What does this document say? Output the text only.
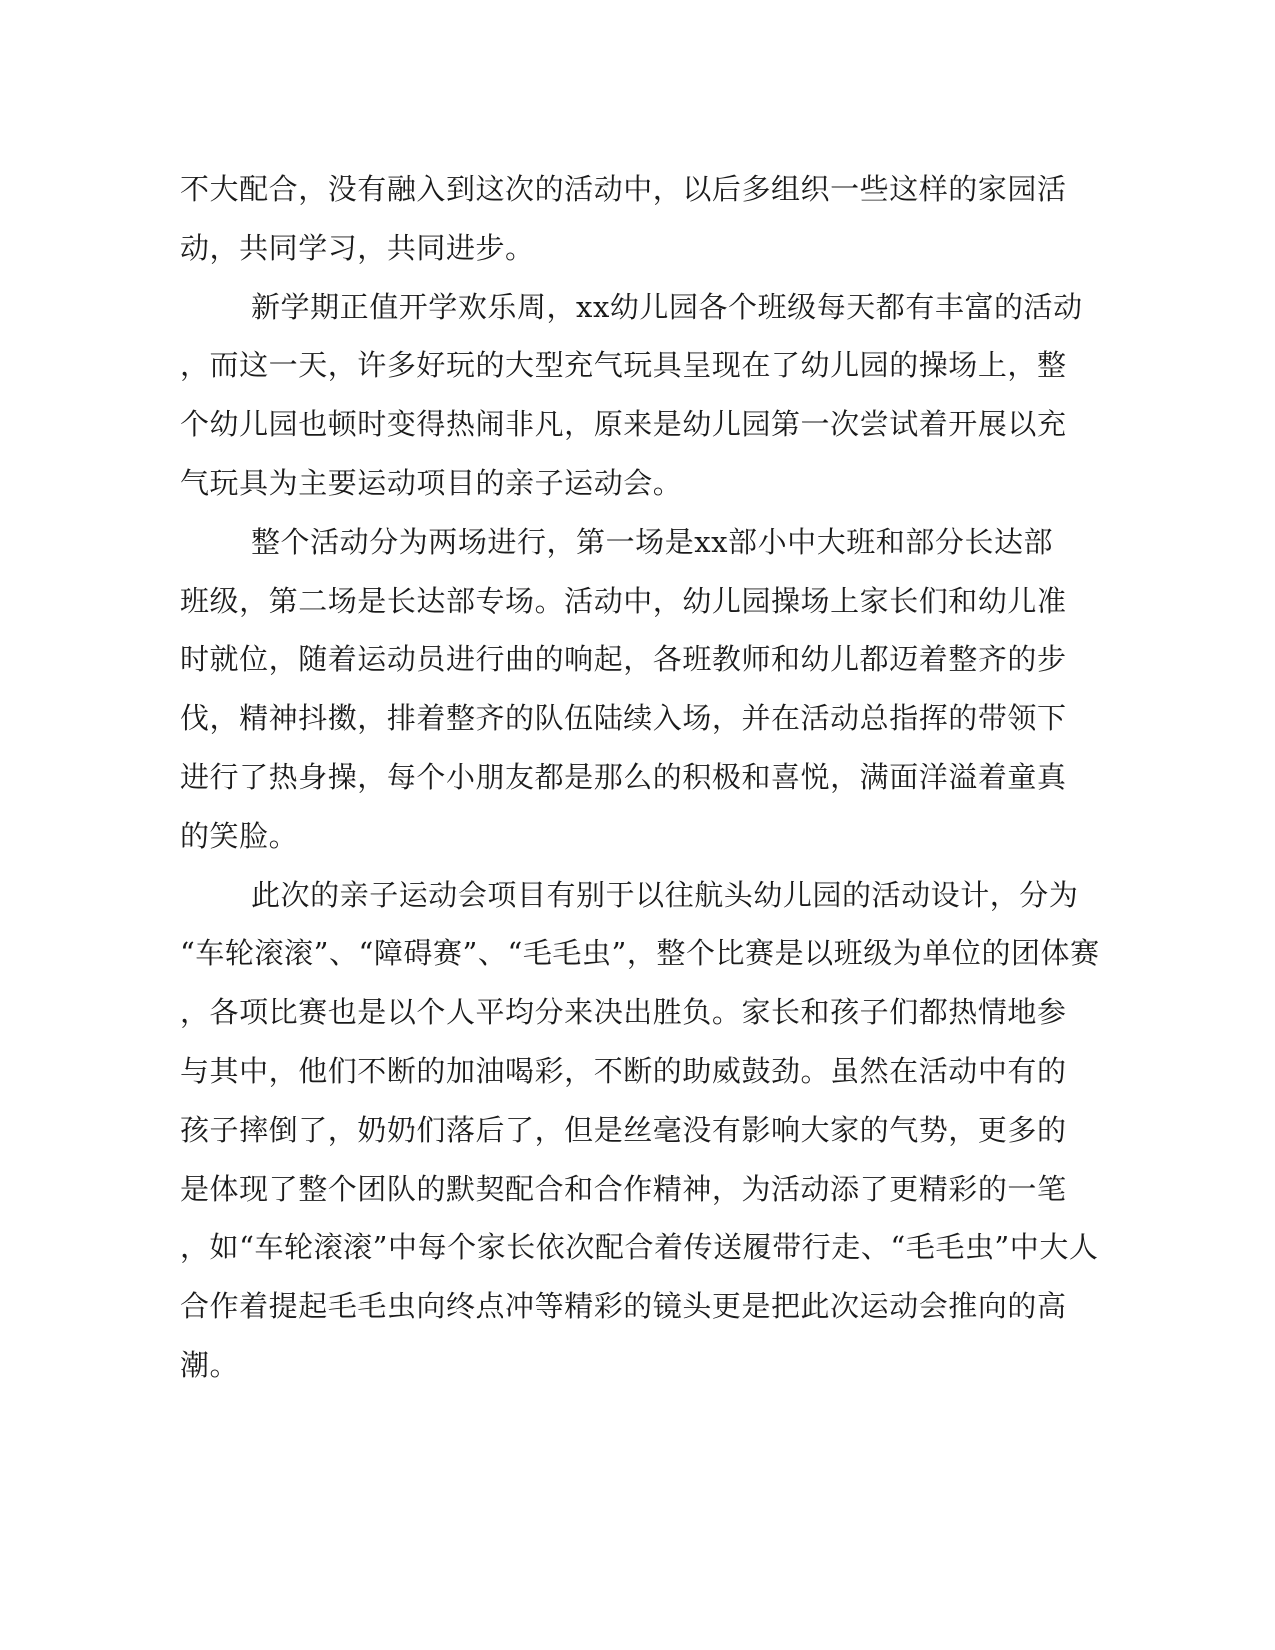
不大配合，没有融入到这次的活动中，以后多组织一些这样的家园活
动，共同学习，共同进步。
新学期正值开学欢乐周，xx幼儿园各个班级每天都有丰富的活动
，而这一天，许多好玩的大型充气玩具呈现在了幼儿园的操场上，整
个幼儿园也顿时变得热闹非凡，原来是幼儿园第一次尝试着开展以充
气玩具为主要运动项目的亲子运动会。
整个活动分为两场进行，第一场是xx部小中大班和部分长达部
班级，第二场是长达部专场。活动中，幼儿园操场上家长们和幼儿准
时就位，随着运动员进行曲的响起，各班教师和幼儿都迈着整齐的步
伐，精神抖擞，排着整齐的队伍陆续入场，并在活动总指挥的带领下
进行了热身操，每个小朋友都是那么的积极和喜悦，满面洋溢着童真
的笑脸。
此次的亲子运动会项目有别于以往航头幼儿园的活动设计，分为
“车轮滚滚”、“障碍赛”、“毛毛虫”，整个比赛是以班级为单位的团体赛
，各项比赛也是以个人平均分来决出胜负。家长和孩子们都热情地参
与其中，他们不断的加油喝彩，不断的助威鼓劲。虽然在活动中有的
孩子摔倒了，奶奶们落后了，但是丝毫没有影响大家的气势，更多的
是体现了整个团队的默契配合和合作精神，为活动添了更精彩的一笔
，如“车轮滚滚”中每个家长依次配合着传送履带行走、“毛毛虫”中大人
合作着提起毛毛虫向终点冲等精彩的镜头更是把此次运动会推向的高
潮。
